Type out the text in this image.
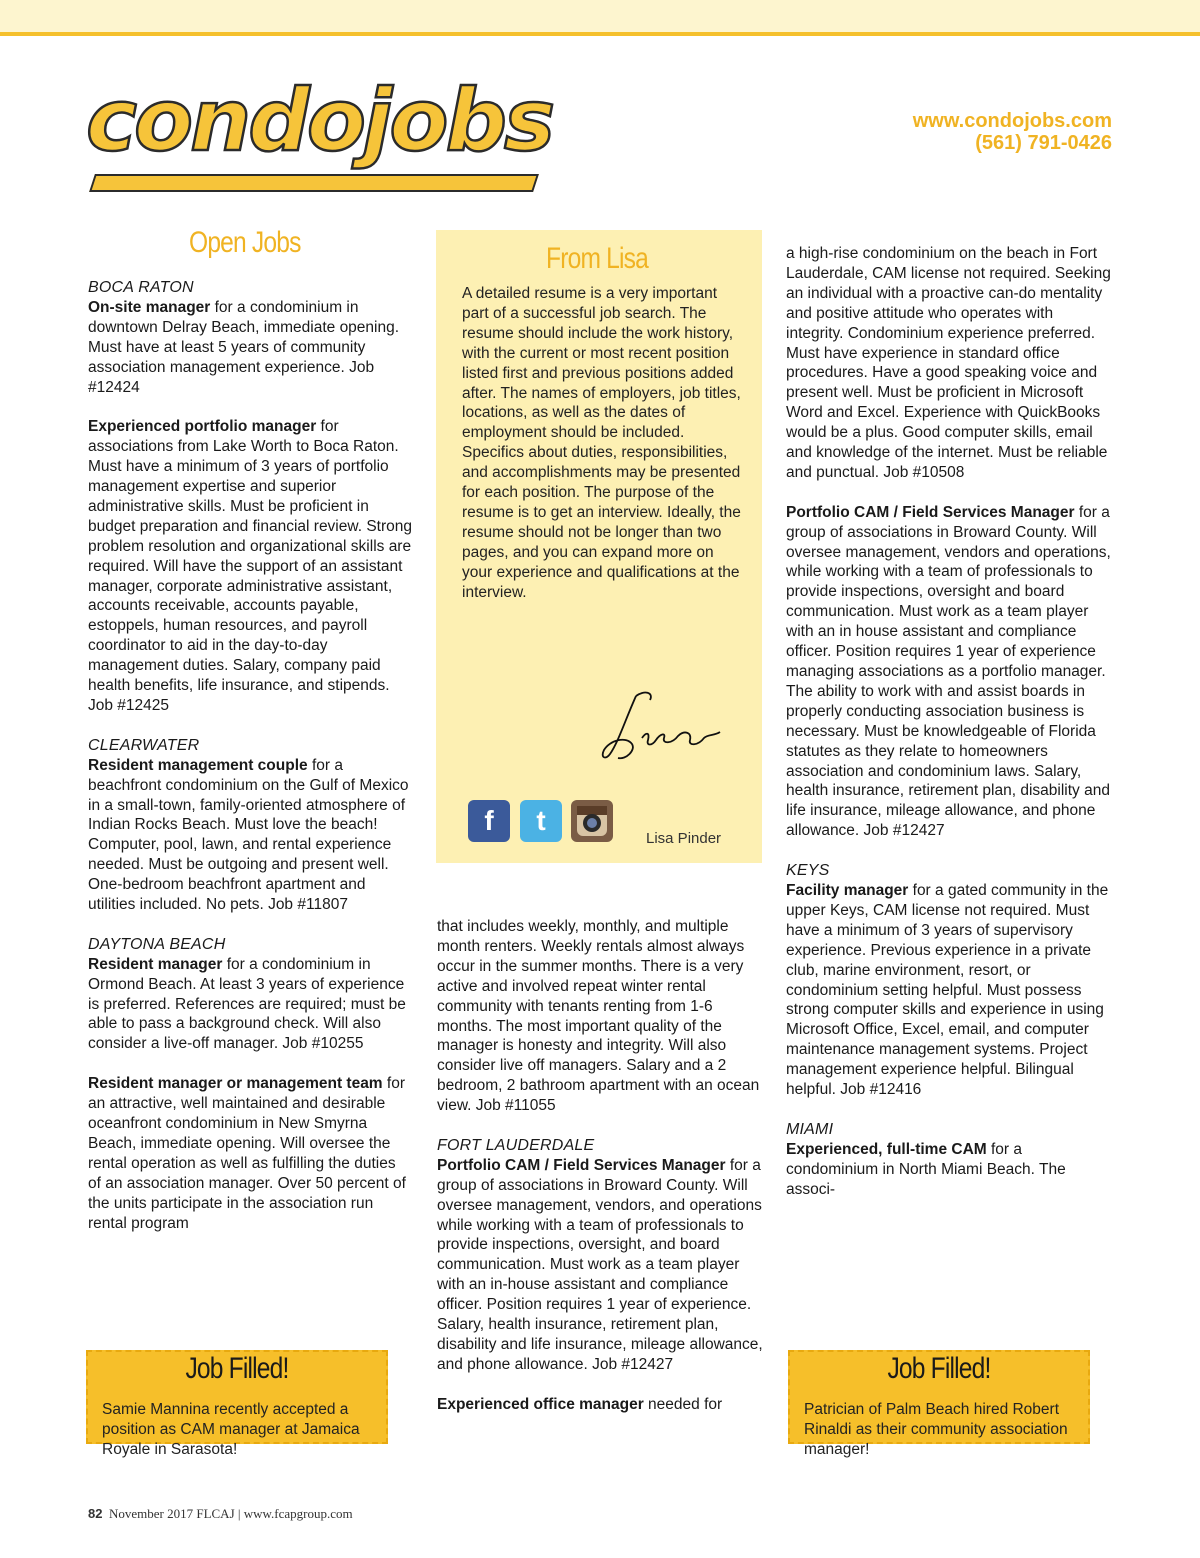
condojobs	www.condojobs.com
(561) 791-0426
Open Jobs
BOCA RATON

On-site manager for a condominium in downtown Delray Beach, immediate opening. Must have at least 5 years of community association management experience. Job #12424

Experienced portfolio manager for associations from Lake Worth to Boca Raton. Must have a minimum of 3 years of portfolio management expertise and superior administrative skills. Must be proficient in budget preparation and financial review. Strong problem resolution and organizational skills are required. Will have the support of an assistant manager, corporate administrative assistant, accounts receivable, accounts payable, estoppels, human resources, and payroll coordinator to aid in the day-to-day management duties. Salary, company paid health benefits, life insurance, and stipends. Job #12425

CLEARWATER

Resident management couple for a beachfront condominium on the Gulf of Mexico in a small-town, family-oriented atmosphere of Indian Rocks Beach. Must love the beach! Computer, pool, lawn, and rental experience needed. Must be outgoing and present well. One-bedroom beachfront apartment and utilities included. No pets. Job #11807

DAYTONA BEACH

Resident manager for a condominium in Ormond Beach. At least 3 years of experience is preferred. References are required; must be able to pass a background check. Will also consider a live-off manager. Job #10255

Resident manager or management team for an attractive, well maintained and desirable oceanfront condominium in New Smyrna Beach, immediate opening. Will oversee the rental operation as well as fulfilling the duties of an association manager. Over 50 percent of the units participate in the association run rental program

From Lisa
A detailed resume is a very important part of a successful job search. The resume should include the work history, with the current or most recent position listed first and previous positions added after. The names of employers, job titles, locations, as well as the dates of employment should be included. Specifics about duties, responsibilities, and accomplishments may be presented for each position. The purpose of the resume is to get an interview. Ideally, the resume should not be longer than two pages, and you can expand more on your experience and qualifications at the interview.
f	t
Lisa Pinder

that includes weekly, monthly, and multiple month renters. Weekly rentals almost always occur in the summer months. There is a very active and involved repeat winter rental community with tenants renting from 1-6 months. The most important quality of the manager is honesty and integrity. Will also consider live off managers. Salary and a 2 bedroom, 2 bathroom apartment with an ocean view. Job #11055

FORT LAUDERDALE

Portfolio CAM / Field Services Manager for a group of associations in Broward County. Will oversee management, vendors, and operations while working with a team of professionals to provide inspections, oversight, and board communication. Must work as a team player with an in-house assistant and compliance officer. Position requires 1 year of experience. Salary, health insurance, retirement plan, disability and life insurance, mileage allowance, and phone allowance. Job #12427

Experienced office manager needed for

a high-rise condominium on the beach in Fort Lauderdale, CAM license not required. Seeking an individual with a proactive can-do mentality and positive attitude who operates with integrity. Condominium experience preferred. Must have experience in standard office procedures. Have a good speaking voice and present well. Must be proficient in Microsoft Word and Excel. Experience with QuickBooks would be a plus. Good computer skills, email and knowledge of the internet. Must be reliable and punctual. Job #10508

Portfolio CAM / Field Services Manager for a group of associations in Broward County. Will oversee management, vendors and operations, while working with a team of professionals to provide inspections, oversight and board communication. Must work as a team player with an in house assistant and compliance officer. Position requires 1 year of experience managing associations as a portfolio manager. The ability to work with and assist boards in properly conducting association business is necessary. Must be knowledgeable of Florida statutes as they relate to homeowners association and condominium laws. Salary, health insurance, retirement plan, disability and life insurance, mileage allowance, and phone allowance. Job #12427

KEYS

Facility manager for a gated community in the upper Keys, CAM license not required. Must have a minimum of 3 years of supervisory experience. Previous experience in a private club, marine environment, resort, or condominium setting helpful. Must possess strong computer skills and experience in using Microsoft Office, Excel, email, and computer maintenance management systems. Project management experience helpful. Bilingual helpful. Job #12416

MIAMI

Experienced, full-time CAM for a condominium in North Miami Beach. The associ-

Job Filled!
Samie Mannina recently accepted a position as CAM manager at Jamaica Royale in Sarasota!
Job Filled!
Patrician of Palm Beach hired Robert Rinaldi as their community association manager!
82 November 2017 FLCAJ | www.fcapgroup.com
